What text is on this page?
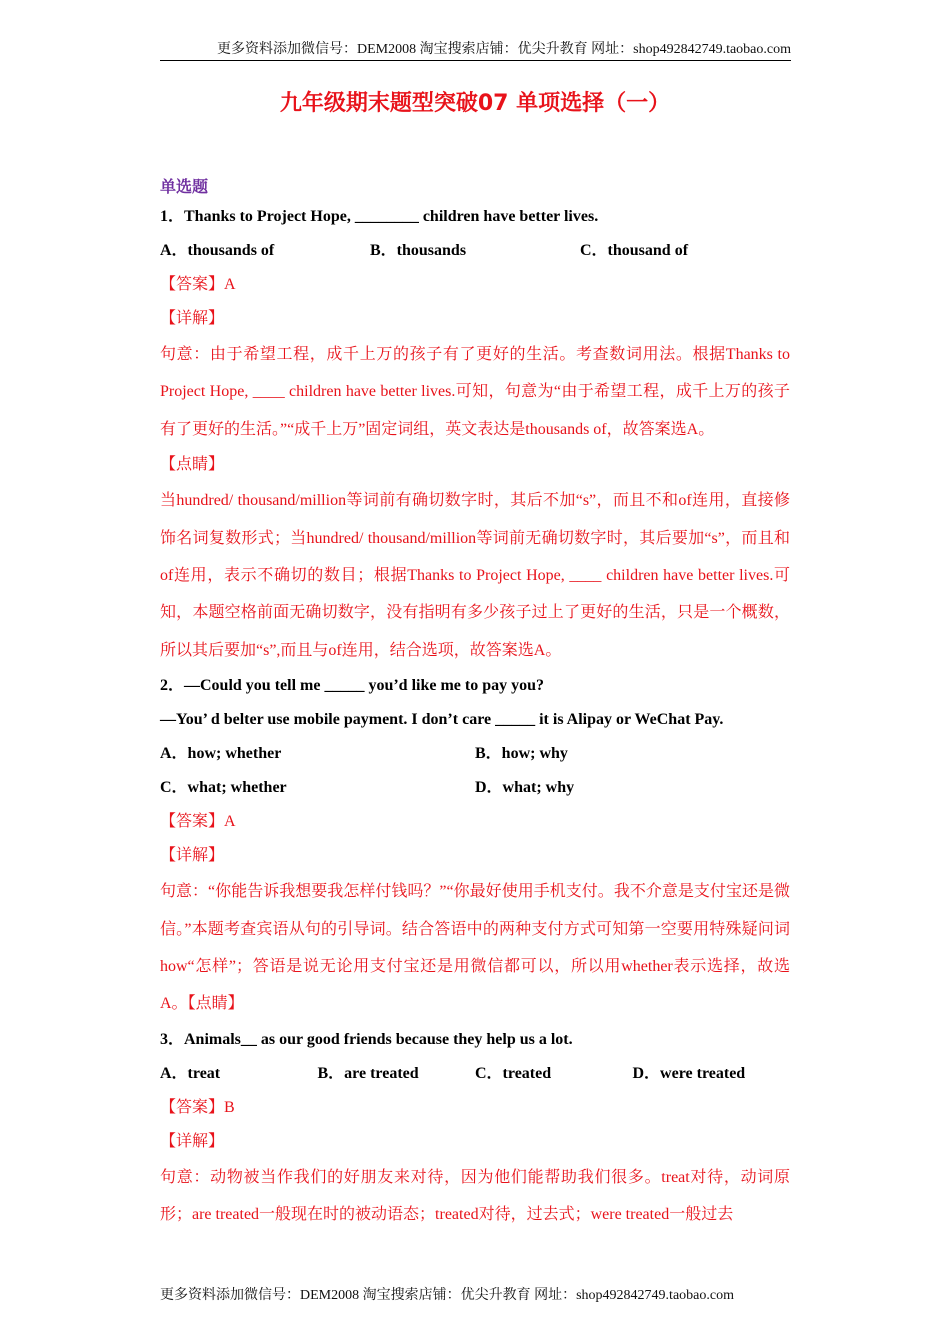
更多资料添加微信号：DEM2008 淘宝搜索店铺：优尖升教育 网址：shop492842749.taobao.com
九年级期末题型突破07 单项选择（一）
单选题
1．Thanks to Project Hope, ________ children have better lives.
A．thousands of	B．thousands	C．thousand of
【答案】A
【详解】
句意：由于希望工程，成千上万的孩子有了更好的生活。考查数词用法。根据Thanks to Project Hope, ____ children have better lives.可知，句意为“由于希望工程，成千上万的孩子有了更好的生活。”“成千上万”固定词组，英文表达是thousands of，故答案选A。
【点睛】
当hundred/ thousand/million等词前有确切数字时，其后不加“s”，而且不和of连用，直接修饰名词复数形式；当hundred/ thousand/million等词前无确切数字时，其后要加“s”，而且和of连用，表示不确切的数目；根据Thanks to Project Hope, ____ children have better lives.可知，本题空格前面无确切数字，没有指明有多少孩子过上了更好的生活，只是一个概数，所以其后要加“s”,而且与of连用，结合选项，故答案选A。
2．—Could you tell me _____ you’d like me to pay you?
—You’ d belter use mobile payment. I don’t care _____ it is Alipay or WeChat Pay.
A．how; whether	B．how; why
C．what; whether	D．what; why
【答案】A
【详解】
句意：“你能告诉我想要我怎样付钱吗？”“你最好使用手机支付。我不介意是支付宝还是微信。”本题考查宾语从句的引导词。结合答语中的两种支付方式可知第一空要用特殊疑问词how“怎样”；答语是说无论用支付宝还是用微信都可以，所以用whether表示选择，故选A。【点睛】
3．Animals__ as our good friends because they help us a lot.
A．treat	B．are treated	C．treated	D．were treated
【答案】B
【详解】
句意：动物被当作我们的好朋友来对待，因为他们能帮助我们很多。treat对待，动词原形；are treated一般现在时的被动语态；treated对待，过去式；were treated一般过去
更多资料添加微信号：DEM2008 淘宝搜索店铺：优尖升教育 网址：shop492842749.taobao.com
